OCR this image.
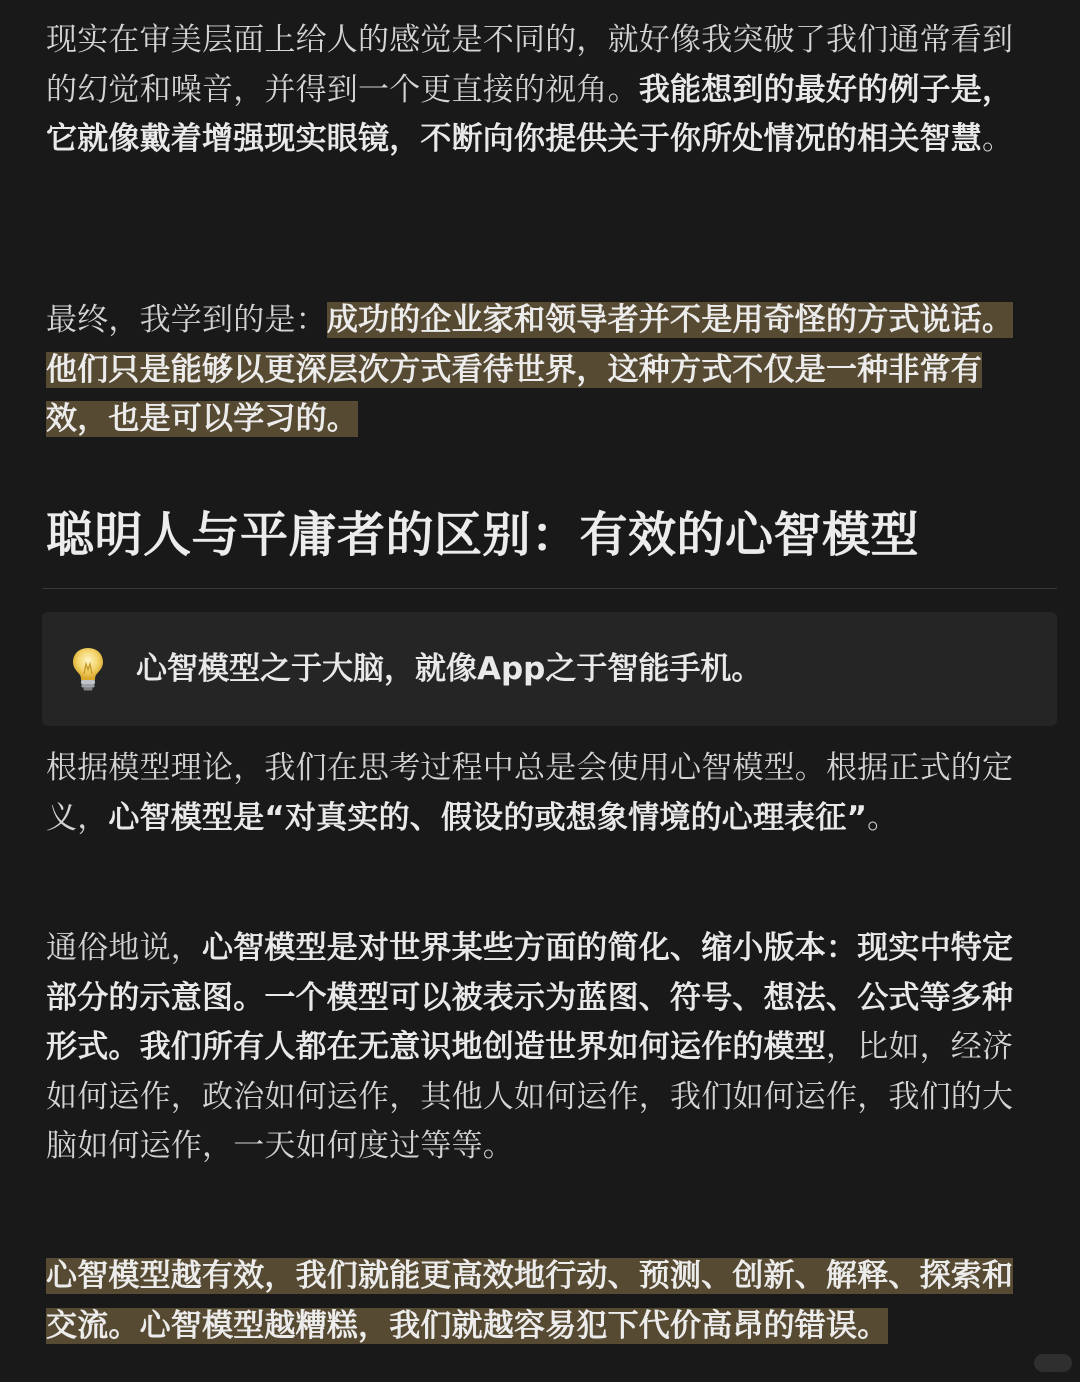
现实在审美层面上给人的感觉是不同的，就好像我突破了我们通常看到的幻觉和噪音，并得到一个更直接的视角。我能想到的最好的例子是，它就像戴着增强现实眼镜，不断向你提供关于你所处情况的相关智慧。

最终，我学到的是：成功的企业家和领导者并不是用奇怪的方式说话。他们只是能够以更深层次方式看待世界，这种方式不仅是一种非常有效，也是可以学习的。

聪明人与平庸者的区别：有效的心智模型
心智模型之于大脑，就像App之于智能手机。

根据模型理论，我们在思考过程中总是会使用心智模型。根据正式的定义，心智模型是“对真实的、假设的或想象情境的心理表征”。

通俗地说，心智模型是对世界某些方面的简化、缩小版本：现实中特定部分的示意图。一个模型可以被表示为蓝图、符号、想法、公式等多种形式。我们所有人都在无意识地创造世界如何运作的模型，比如，经济如何运作，政治如何运作，其他人如何运作，我们如何运作，我们的大脑如何运作，一天如何度过等等。

心智模型越有效，我们就能更高效地行动、预测、创新、解释、探索和交流。心智模型越糟糕，我们就越容易犯下代价高昂的错误。
